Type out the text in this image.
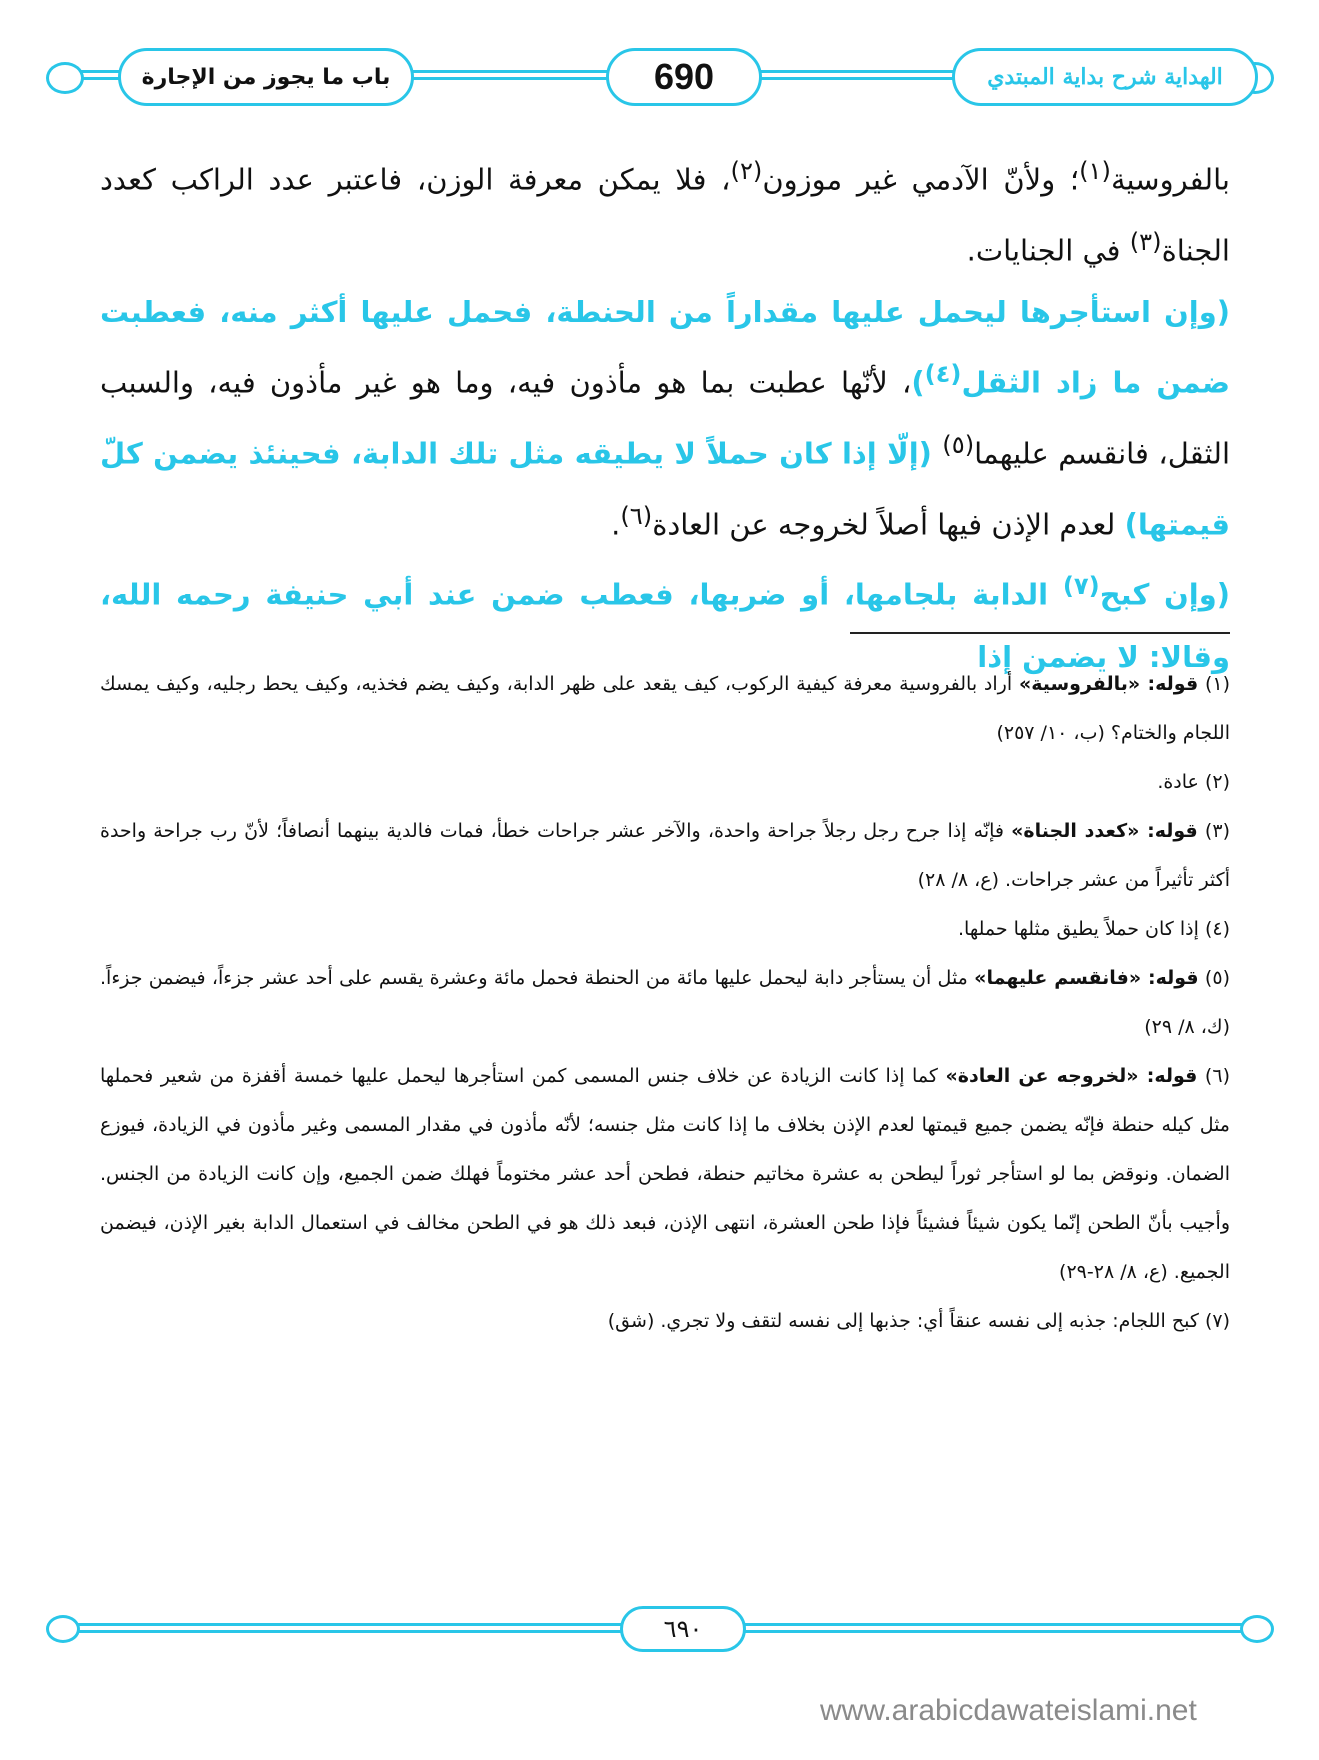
باب ما يجوز من الإجارة	690	الهداية شرح بداية المبتدي

بالفروسية$^{(١)}$؛ ولأنّ الآدمي غير موزون$^{(٢)}$، فلا يمكن معرفة الوزن، فاعتبر عدد الراكب كعدد الجناة$^{(٣)}$ في الجنايات.

(وإن استأجرها ليحمل عليها مقداراً من الحنطة، فحمل عليها أكثر منه، فعطبت ضمن ما زاد الثقل$^{(٤)}$)، لأنّها عطبت بما هو مأذون فيه، وما هو غير مأذون فيه، والسبب الثقل، فانقسم عليهما$^{(٥)}$ (إلّا إذا كان حملاً لا يطيقه مثل تلك الدابة، فحينئذ يضمن كلّ قيمتها) لعدم الإذن فيها أصلاً لخروجه عن العادة$^{(٦)}$.

(وإن كبح$^{(٧)}$ الدابة بلجامها، أو ضربها، فعطب ضمن عند أبي حنيفة رحمه الله، وقالا: لا يضمن إذا

(١) قوله: «بالفروسية» أراد بالفروسية معرفة كيفية الركوب، كيف يقعد على ظهر الدابة، وكيف يضم فخذيه، وكيف يحط رجليه، وكيف يمسك اللجام والختام؟ (ب، ١٠/ ٢٥٧)

(٢) عادة.

(٣) قوله: «كعدد الجناة» فإنّه إذا جرح رجل رجلاً جراحة واحدة، والآخر عشر جراحات خطأ، فمات فالدية بينهما أنصافاً؛ لأنّ رب جراحة واحدة أكثر تأثيراً من عشر جراحات. (ع، ٨/ ٢٨)

(٤) إذا كان حملاً يطيق مثلها حملها.

(٥) قوله: «فانقسم عليهما» مثل أن يستأجر دابة ليحمل عليها مائة من الحنطة فحمل مائة وعشرة يقسم على أحد عشر جزءاً، فيضمن جزءاً. (ك، ٨/ ٢٩)

(٦) قوله: «لخروجه عن العادة» كما إذا كانت الزيادة عن خلاف جنس المسمى كمن استأجرها ليحمل عليها خمسة أقفزة من شعير فحملها مثل كيله حنطة فإنّه يضمن جميع قيمتها لعدم الإذن بخلاف ما إذا كانت مثل جنسه؛ لأنّه مأذون في مقدار المسمى وغير مأذون في الزيادة، فيوزع الضمان. ونوقض بما لو استأجر ثوراً ليطحن به عشرة مخاتيم حنطة، فطحن أحد عشر مختوماً فهلك ضمن الجميع، وإن كانت الزيادة من الجنس. وأجيب بأنّ الطحن إنّما يكون شيئاً فشيئاً فإذا طحن العشرة، انتهى الإذن، فبعد ذلك هو في الطحن مخالف في استعمال الدابة بغير الإذن، فيضمن الجميع. (ع، ٨/ ٢٨-٢٩)

(٧) كبح اللجام: جذبه إلى نفسه عنقاً أي: جذبها إلى نفسه لتقف ولا تجري. (شق)

٦٩٠
www.arabicdawateislami.net
